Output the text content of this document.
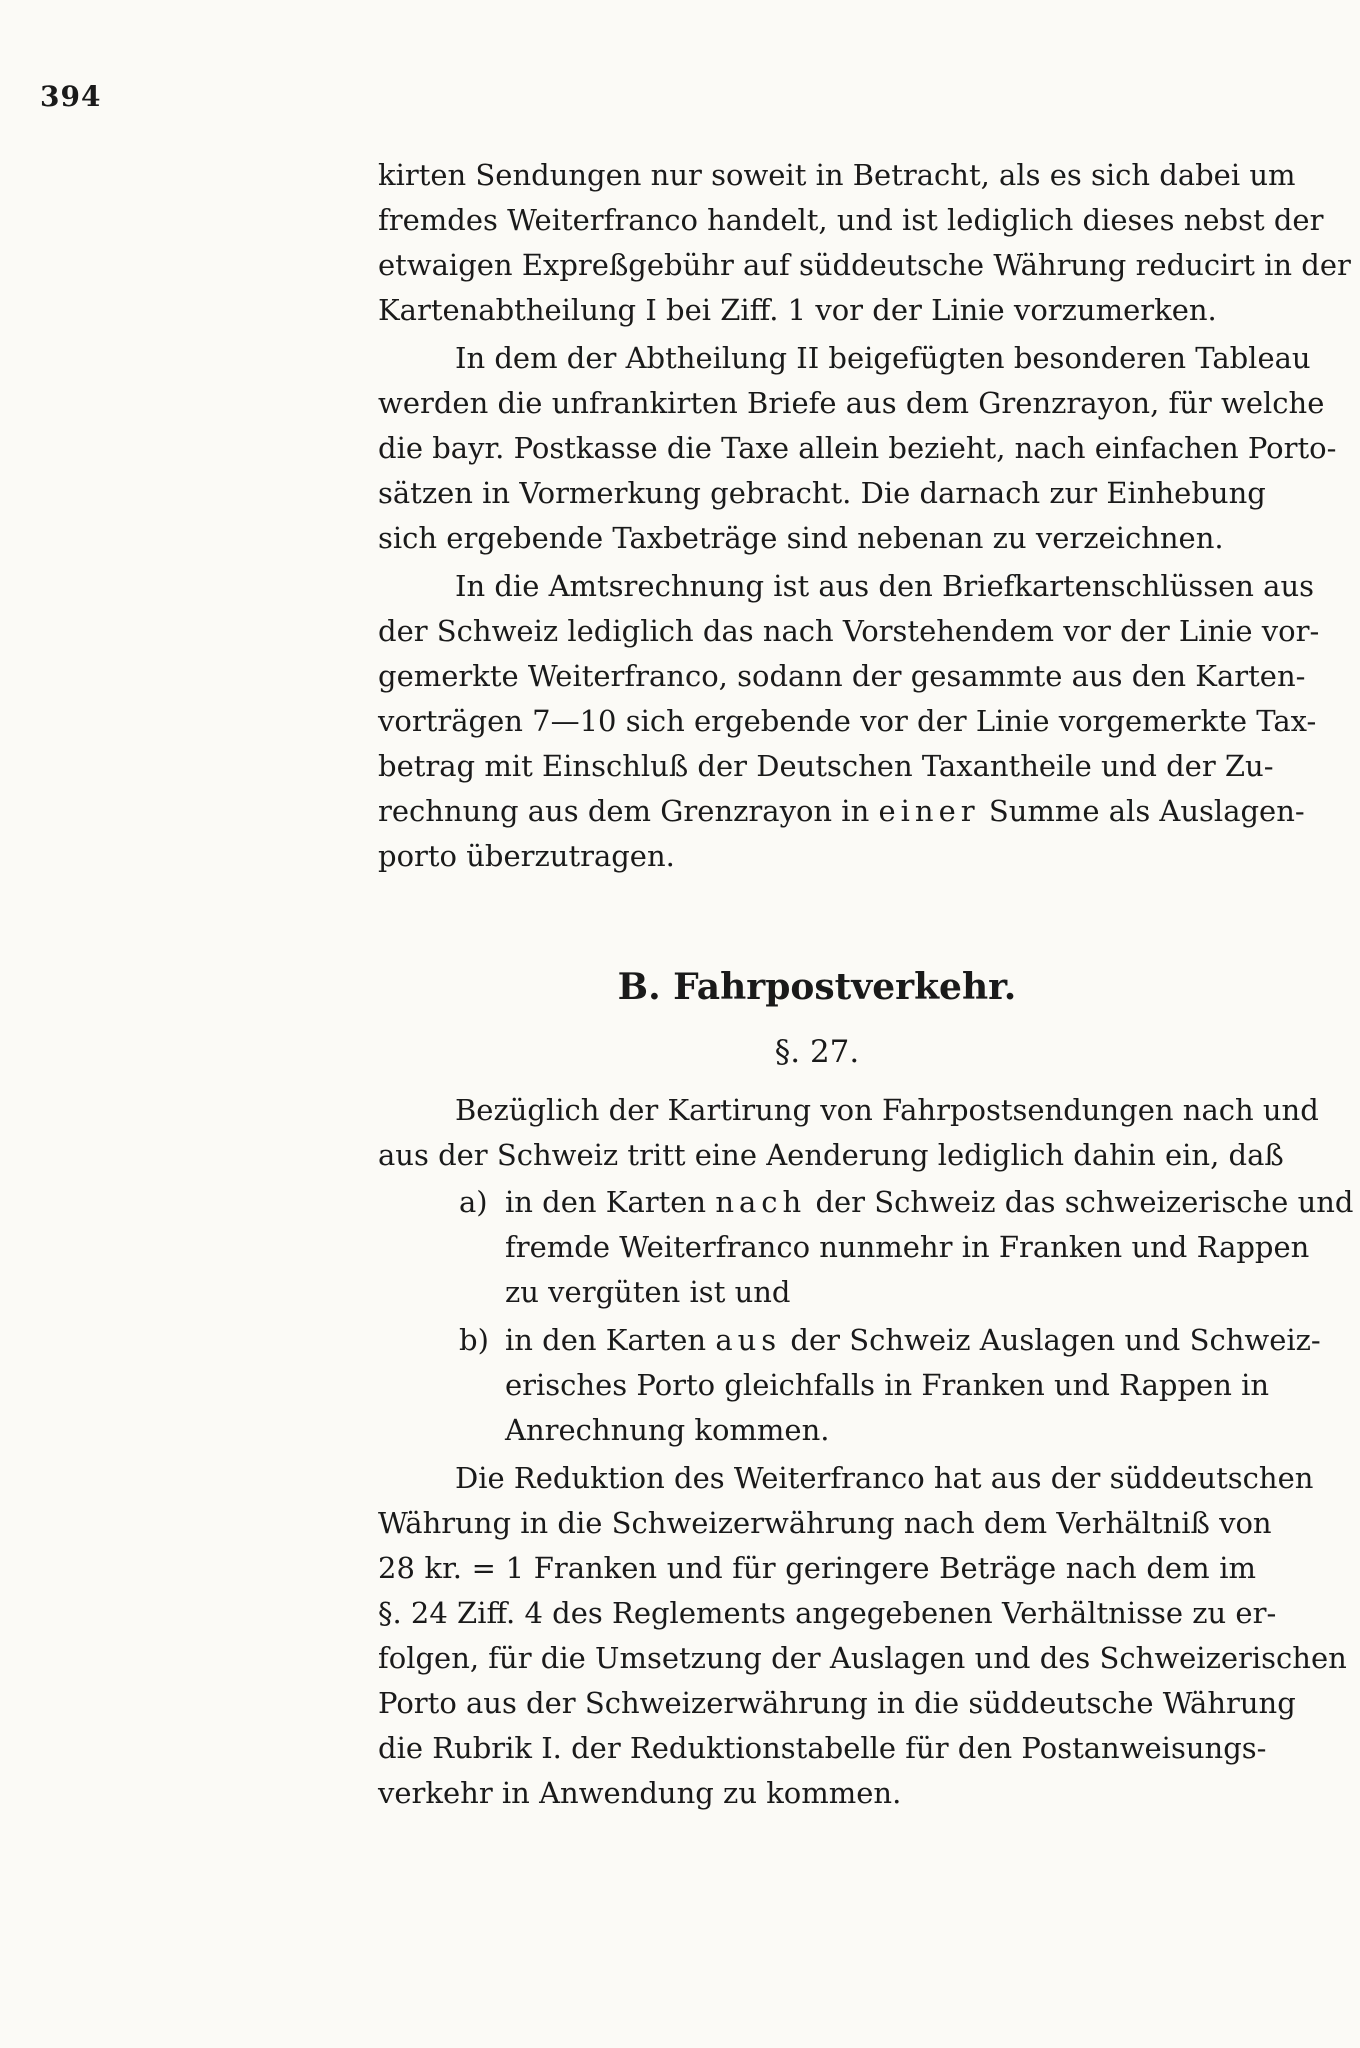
394
kirten Sendungen nur soweit in Betracht, als es sich dabei um
fremdes Weiterfranco handelt, und ist lediglich dieses nebst der
etwaigen Expreßgebühr auf süddeutsche Währung reducirt in der
Kartenabtheilung I bei Ziff. 1 vor der Linie vorzumerken.
In dem der Abtheilung II beigefügten besonderen Tableau
werden die unfrankirten Briefe aus dem Grenzrayon, für welche
die bayr. Postkasse die Taxe allein bezieht, nach einfachen Porto-
sätzen in Vormerkung gebracht. Die darnach zur Einhebung
sich ergebende Taxbeträge sind nebenan zu verzeichnen.
In die Amtsrechnung ist aus den Briefkartenschlüssen aus
der Schweiz lediglich das nach Vorstehendem vor der Linie vor-
gemerkte Weiterfranco, sodann der gesammte aus den Karten-
vorträgen 7—10 sich ergebende vor der Linie vorgemerkte Tax-
betrag mit Einschluß der Deutschen Taxantheile und der Zu-
rechnung aus dem Grenzrayon in einer Summe als Auslagen-
porto überzutragen.
B. Fahrpostverkehr.
§. 27.
Bezüglich der Kartirung von Fahrpostsendungen nach und
aus der Schweiz tritt eine Aenderung lediglich dahin ein, daß
a) in den Karten nach der Schweiz das schweizerische und
fremde Weiterfranco nunmehr in Franken und Rappen
zu vergüten ist und
b) in den Karten aus der Schweiz Auslagen und Schweiz-
erisches Porto gleichfalls in Franken und Rappen in
Anrechnung kommen.
Die Reduktion des Weiterfranco hat aus der süddeutschen
Währung in die Schweizerwährung nach dem Verhältniß von
28 kr. = 1 Franken und für geringere Beträge nach dem im
§. 24 Ziff. 4 des Reglements angegebenen Verhältnisse zu er-
folgen, für die Umsetzung der Auslagen und des Schweizerischen
Porto aus der Schweizerwährung in die süddeutsche Währung
die Rubrik I. der Reduktionstabelle für den Postanweisungs-
verkehr in Anwendung zu kommen.
